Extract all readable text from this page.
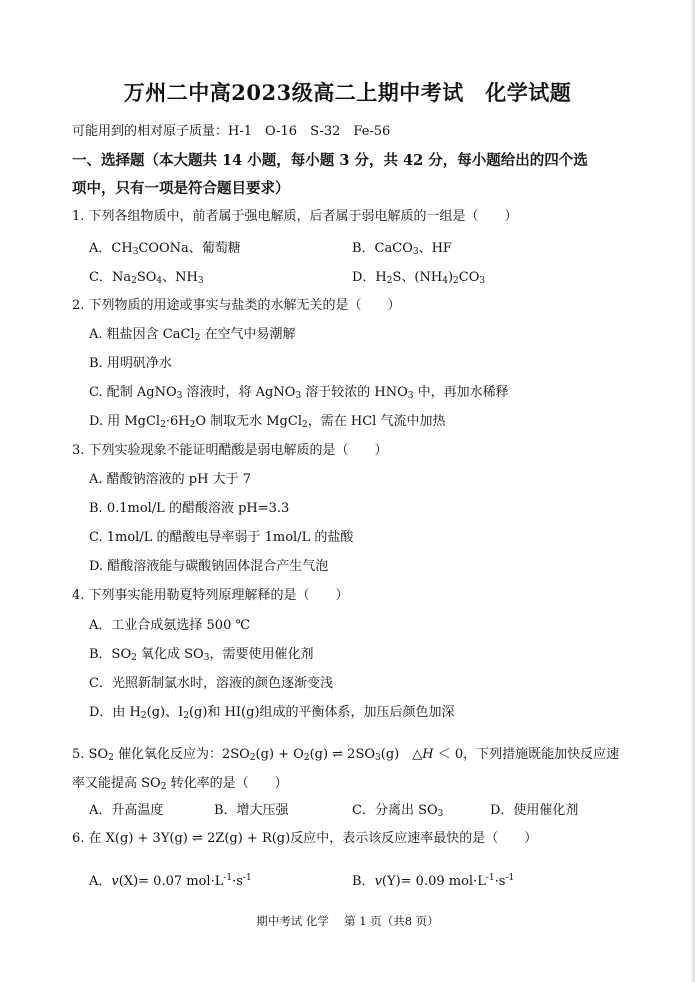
万州二中高2023级高二上期中考试　化学试题
可能用到的相对原子质量：H-1　O-16　S-32　Fe-56
一、选择题（本大题共 14 小题，每小题 3 分，共 42 分，每小题给出的四个选
项中，只有一项是符合题目要求）
1. 下列各组物质中，前者属于强电解质，后者属于弱电解质的一组是（　　）
A．$CH_3COONa$、葡萄糖	B．CaCO$_3$、HF
C．$Na_2SO_4$、$NH_3$	D．$H_2S$、$(NH_4)_2CO_3$
2. 下列物质的用途或事实与盐类的水解无关的是（　　）
A. 粗盐因含 CaCl$_2$ 在空气中易潮解
B. 用明矾净水
C. 配制 AgNO$_3$ 溶液时，将 AgNO$_3$ 溶于较浓的 $HNO_3$ 中，再加水稀释
D. 用 $MgCl_2\cdot 6H_2O$ 制取无水 MgCl$_2$，需在 HCl 气流中加热
3. 下列实验现象不能证明醋酸是弱电解质的是（　　）
A. 醋酸钠溶液的 pH 大于 7
B. 0.1mol/L 的醋酸溶液 pH=3.3
C. 1mol/L 的醋酸电导率弱于 1mol/L 的盐酸
D. 醋酸溶液能与碳酸钠固体混合产生气泡
4. 下列事实能用勒夏特列原理解释的是（　　）
A．工业合成氨选择 500 ℃
B．$SO_2$ 氧化成 $SO_3$，需要使用催化剂
C．光照新制氯水时，溶液的颜色逐渐变浅
D．由 $H_2(g)$、$I_2(g)$和 HI(g)组成的平衡体系，加压后颜色加深
5. $SO_2$ 催化氧化反应为：$2SO_2(g) + O_2(g)$ ⇌ $2SO_3(g)$　△H ＜ 0，下列措施既能加快反应速
率又能提高 $SO_2$ 转化率的是（　　）
A．升高温度	B．增大压强	C．分离出 $SO_3$	D．使用催化剂
6. 在 X(g) + 3Y(g) ⇌ 2Z(g) + R(g)反应中，表示该反应速率最快的是（　　）
A．v(X)= 0.07 $mol\cdot L^{-1}\cdot s^{-1}$	B．v(Y)= 0.09 $mol\cdot L^{-1}\cdot s^{-1}$
期中考试 化学　 第 1 页（共8 页）
